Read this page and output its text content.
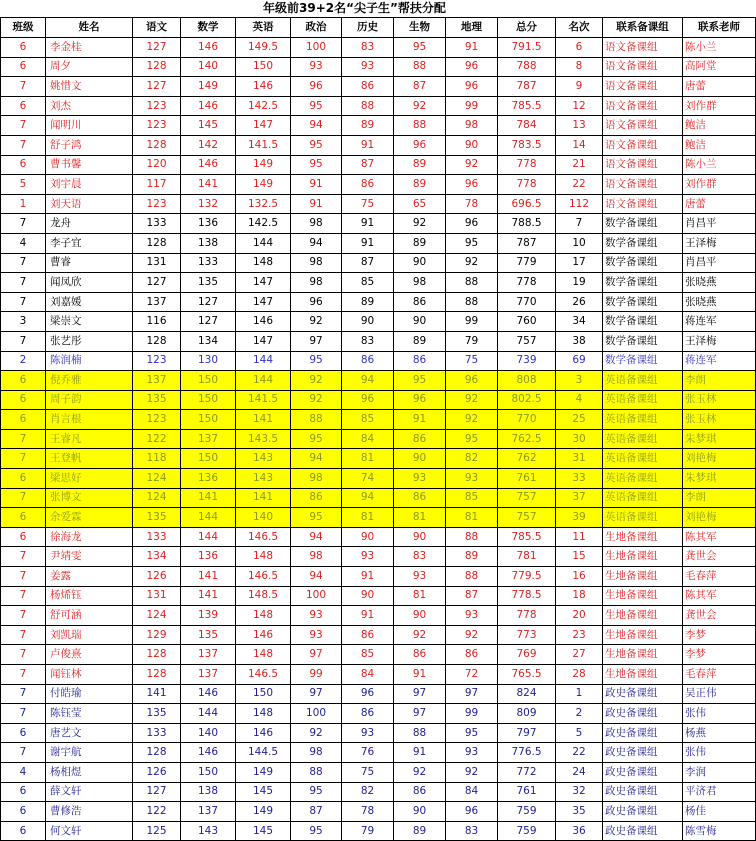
年级前39+2名“尖子生”帮扶分配
班级	姓名	语文	数学	英语	政治	历史	生物	地理	总分	名次	联系备课组	联系老师
6	李金桂	127	146	149.5	100	83	95	91	791.5	6	语文备课组	陈小兰
6	周夕	128	140	150	93	93	88	96	788	8	语文备课组	高阿堂
7	姚惜文	127	149	146	96	86	87	96	787	9	语文备课组	唐蕾
6	刘杰	123	146	142.5	95	88	92	99	785.5	12	语文备课组	刘作群
7	闻明川	123	145	147	94	89	88	98	784	13	语文备课组	鲍洁
7	舒子鸿	128	142	141.5	95	91	96	90	783.5	14	语文备课组	鲍洁
6	曹书馨	120	146	149	95	87	89	92	778	21	语文备课组	陈小兰
5	刘宇晨	117	141	149	91	86	89	96	778	22	语文备课组	刘作群
1	刘天语	123	132	132.5	91	75	65	78	696.5	112	语文备课组	唐蕾
7	龙舟	133	136	142.5	98	91	92	96	788.5	7	数学备课组	肖昌平
4	李子宜	128	138	144	94	91	89	95	787	10	数学备课组	王泽梅
7	曹睿	131	133	148	98	87	90	92	779	17	数学备课组	肖昌平
7	闻凤欣	127	135	147	98	85	98	88	778	19	数学备课组	张晓燕
7	刘嘉媛	137	127	147	96	89	86	88	770	26	数学备课组	张晓燕
3	梁崇文	116	127	146	92	90	90	99	760	34	数学备课组	蒋连军
7	张艺彤	128	134	147	97	83	89	79	757	38	数学备课组	王泽梅
2	陈润楠	123	130	144	95	86	86	75	739	69	数学备课组	蒋连军
6	倪乔雅	137	150	144	92	94	95	96	808	3	英语备课组	李朗
6	周子韵	135	150	141.5	92	96	96	92	802.5	4	英语备课组	张玉林
6	肖言根	123	150	141	88	85	91	92	770	25	英语备课组	张玉林
7	王睿凡	122	137	143.5	95	84	86	95	762.5	30	英语备课组	朱梦琪
7	王登帆	118	150	143	94	81	90	82	762	31	英语备课组	刘艳梅
6	梁思好	124	136	143	98	74	93	93	761	33	英语备课组	朱梦琪
7	张博文	124	141	141	86	94	86	85	757	37	英语备课组	李朗
6	余爱霖	135	144	140	95	81	81	81	757	39	英语备课组	刘艳梅
6	徐海龙	133	144	146.5	94	90	90	88	785.5	11	生地备课组	陈其军
7	尹靖雯	134	136	148	98	93	83	89	781	15	生地备课组	龚世会
7	姜露	126	141	146.5	94	91	93	88	779.5	16	生地备课组	毛春萍
7	杨烯钰	131	141	148.5	100	90	81	87	778.5	18	生地备课组	陈其军
7	舒可涵	124	139	148	93	91	90	93	778	20	生地备课组	龚世会
7	刘凯瑞	129	135	146	93	86	92	92	773	23	生地备课组	李梦
7	卢俊熹	128	137	148	97	85	86	86	769	27	生地备课组	李梦
7	闻钰林	128	137	146.5	99	84	91	72	765.5	28	生地备课组	毛春萍
7	付皓瑜	141	146	150	97	96	97	97	824	1	政史备课组	吴正伟
7	陈钰莹	135	144	148	100	86	97	99	809	2	政史备课组	张伟
6	唐艺文	133	140	146	92	93	88	95	797	5	政史备课组	杨燕
7	谢宇航	128	146	144.5	98	76	91	93	776.5	22	政史备课组	张伟
4	杨相煜	126	150	149	88	75	92	92	772	24	政史备课组	李润
6	薛文轩	127	138	145	95	82	86	84	761	32	政史备课组	平济君
6	曹修浩	122	137	149	87	78	90	96	759	35	政史备课组	杨佳
6	何文轩	125	143	145	95	79	89	83	759	36	政史备课组	陈雪梅
